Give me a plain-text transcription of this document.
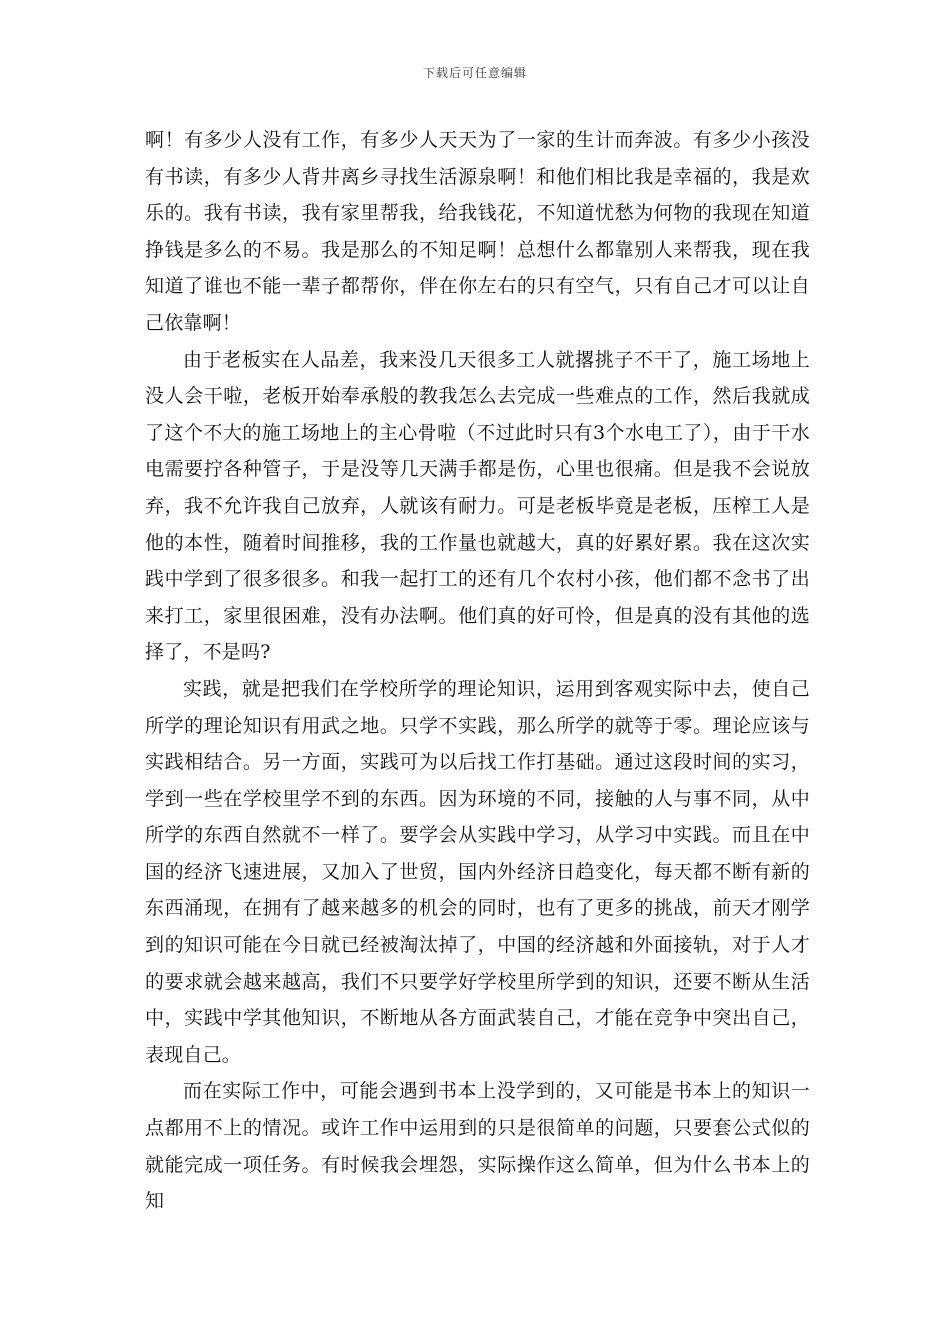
下载后可任意编辑

啊！有多少人没有工作，有多少人天天为了一家的生计而奔波。有多少小孩没有书读，有多少人背井离乡寻找生活源泉啊！和他们相比我是幸福的，我是欢乐的。我有书读，我有家里帮我，给我钱花，不知道忧愁为何物的我现在知道挣钱是多么的不易。我是那么的不知足啊！总想什么都靠别人来帮我，现在我知道了谁也不能一辈子都帮你，伴在你左右的只有空气，只有自己才可以让自己依靠啊！

由于老板实在人品差，我来没几天很多工人就撂挑子不干了，施工场地上没人会干啦，老板开始奉承般的教我怎么去完成一些难点的工作，然后我就成了这个不大的施工场地上的主心骨啦（不过此时只有3个水电工了），由于干水电需要拧各种管子，于是没等几天满手都是伤，心里也很痛。但是我不会说放弃，我不允许我自己放弃，人就该有耐力。可是老板毕竟是老板，压榨工人是他的本性，随着时间推移，我的工作量也就越大，真的好累好累。我在这次实践中学到了很多很多。和我一起打工的还有几个农村小孩，他们都不念书了出来打工，家里很困难，没有办法啊。他们真的好可怜，但是真的没有其他的选择了，不是吗?

实践，就是把我们在学校所学的理论知识，运用到客观实际中去，使自己所学的理论知识有用武之地。只学不实践，那么所学的就等于零。理论应该与实践相结合。另一方面，实践可为以后找工作打基础。通过这段时间的实习，学到一些在学校里学不到的东西。因为环境的不同，接触的人与事不同，从中所学的东西自然就不一样了。要学会从实践中学习，从学习中实践。而且在中国的经济飞速进展，又加入了世贸，国内外经济日趋变化，每天都不断有新的东西涌现，在拥有了越来越多的机会的同时，也有了更多的挑战，前天才刚学到的知识可能在今日就已经被淘汰掉了，中国的经济越和外面接轨，对于人才的要求就会越来越高，我们不只要学好学校里所学到的知识，还要不断从生活中，实践中学其他知识，不断地从各方面武装自己，才能在竞争中突出自己，表现自己。

而在实际工作中，可能会遇到书本上没学到的，又可能是书本上的知识一点都用不上的情况。或许工作中运用到的只是很简单的问题，只要套公式似的就能完成一项任务。有时候我会埋怨，实际操作这么简单，但为什么书本上的知
